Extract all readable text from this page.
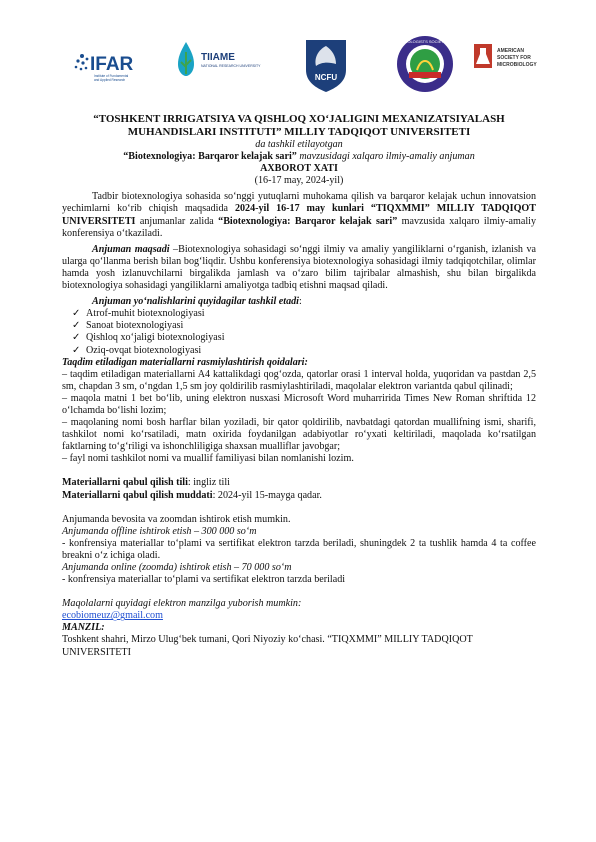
IFAR
Institute of Fundamental
and Applied Research
TIIAME
NATIONAL RESEARCH UNIVERSITY
NCFU
BIOLOGISTS SOCIETY
AMERICAN
SOCIETY FOR
MICROBIOLOGY

“TOSHKENT IRRIGATSIYA VA QISHLOQ XO‘JALIGINI MEXANIZATSIYALASH

MUHANDISLARI INSTITUTI” MILLIY TADQIQOT UNIVERSITETI

da tashkil etilayotgan

“Biotexnologiya: Barqaror kelajak sari” mavzusidagi xalqaro ilmiy-amaliy anjuman

AXBOROT XATI

(16-17 may, 2024-yil)

Tadbir biotexnologiya sohasida so‘nggi yutuqlarni muhokama qilish va barqaror kelajak uchun innovatsion yechimlarni ko‘rib chiqish maqsadida 2024-yil 16-17 may kunlari “TIQXMMI” MILLIY TADQIQOT UNIVERSITETI anjumanlar zalida “Biotexnologiya: Barqaror kelajak sari” mavzusida xalqaro ilmiy-amaliy konferensiya o‘tkaziladi.

Anjuman maqsadi –Biotexnologiya sohasidagi so‘nggi ilmiy va amaliy yangiliklarni o‘rganish, izlanish va ularga qo‘llanma berish bilan bog‘liqdir. Ushbu konferensiya biotexnologiya sohasidagi ilmiy tadqiqotchilar, olimlar hamda yosh izlanuvchilarni birgalikda jamlash va o‘zaro bilim tajribalar almashish, shu bilan birgalikda biotexnologiya sohasidagi yangiliklarni amaliyotga tadbiq etishni maqsad qiladi.

Anjuman yo‘nalishlarini quyidagilar tashkil etadi:

✓ Atrof-muhit biotexnologiyasi
✓ Sanoat biotexnologiyasi
✓ Qishloq xo‘jaligi biotexnologiyasi
✓ Oziq-ovqat biotexnologiyasi

Taqdim etiladigan materiallarni rasmiylashtirish qoidalari:

– taqdim etiladigan materiallarni A4 kattalikdagi qog‘ozda, qatorlar orasi 1 interval holda, yuqoridan va pastdan 2,5 sm, chapdan 3 sm, o‘ngdan 1,5 sm joy qoldirilib rasmiylashtiriladi, maqolalar elektron variantda qabul qilinadi;

– maqola matni 1 bet bo‘lib, uning elektron nusxasi Microsoft Word muharririda Times New Roman shriftida 12 o‘lchamda bo‘lishi lozim;

– maqolaning nomi bosh harflar bilan yoziladi, bir qator qoldirilib, navbatdagi qatordan muallifning ismi, sharifi, tashkilot nomi ko‘rsatiladi, matn oxirida foydanilgan adabiyotlar ro‘yxati keltiriladi, maqolada ko‘rsatilgan faktlarning to‘g‘riligi va ishonchliligiga shaxsan mualliflar javobgar;

– fayl nomi tashkilot nomi va muallif familiyasi bilan nomlanishi lozim.

Materiallarni qabul qilish tili: ingliz tili

Materiallarni qabul qilish muddati: 2024-yil 15-mayga qadar.

Anjumanda bevosita va zoomdan ishtirok etish mumkin.

Anjumanda offline ishtirok etish – 300 000 so‘m

- konfrensiya materiallar to‘plami va sertifikat elektron tarzda beriladi, shuningdek 2 ta tushlik hamda 4 ta coffee breakni o‘z ichiga oladi.

Anjumanda online (zoomda) ishtirok etish – 70 000 so‘m

- konfrensiya materiallar to‘plami va sertifikat elektron tarzda beriladi

Maqolalarni quyidagi elektron manzilga yuborish mumkin:

ecobiomeuz@gmail.com

MANZIL:

Toshkent shahri, Mirzo Ulug‘bek tumani, Qori Niyoziy ko‘chasi. “TIQXMMI” MILLIY TADQIQOT UNIVERSITETI
